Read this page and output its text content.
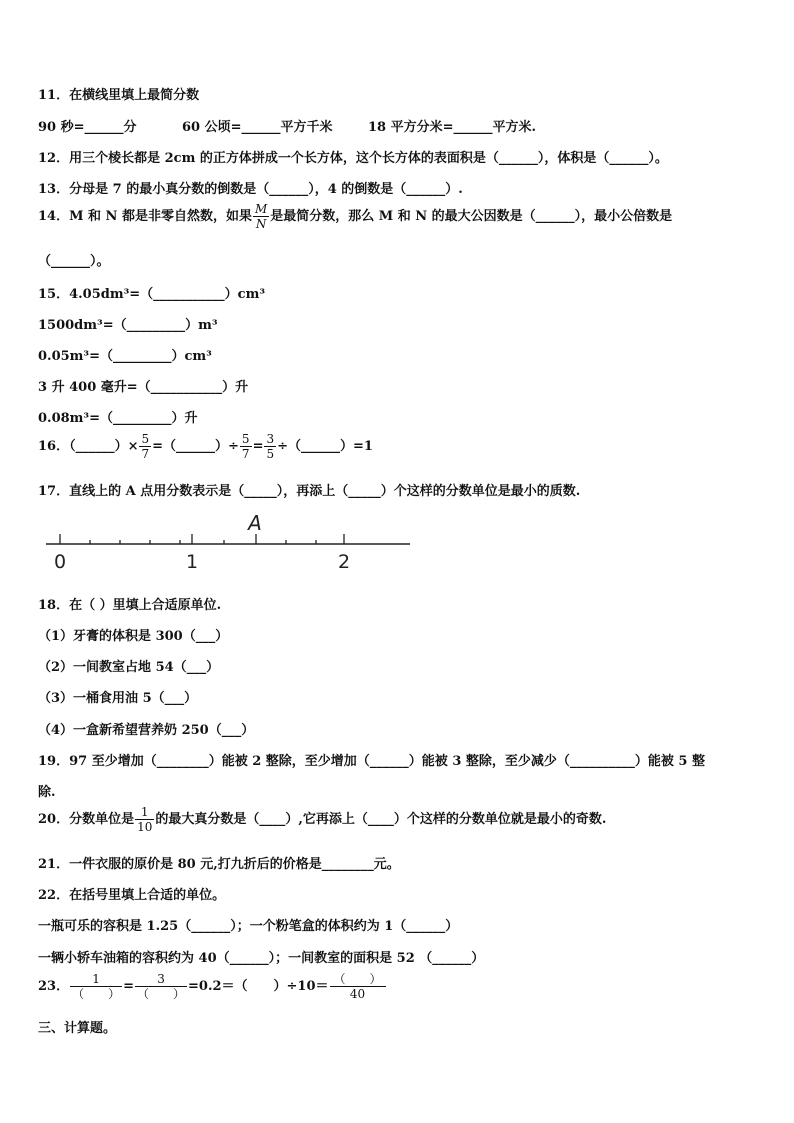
11．在横线里填上最简分数
90 秒=______分	60 公顷=______平方千米	18 平方分米=______平方米.
12．用三个棱长都是 2cm 的正方体拼成一个长方体，这个长方体的表面积是（______），体积是（______）。
13．分母是 7 的最小真分数的倒数是（______），4 的倒数是（______）.
14．M 和 N 都是非零自然数，如果 $\frac{M}{N}$ 是最简分数，那么 M 和 N 的最大公因数是（______），最小公倍数是
（______）。
15．4.05dm³=（___________）cm³
1500dm³=（_________）m³
0.05m³=（_________）cm³
3 升 400 毫升=（___________）升
0.08m³=（_________）升
16．（______）× $\frac{5}{7}$ =（______）÷ $\frac{5}{7} = \frac{3}{5}$ ÷（______）=1
17．直线上的 A 点用分数表示是（_____），再添上（_____）个这样的分数单位是最小的质数.
A
0	1	2
18．在（ ）里填上合适原单位.
（1）牙膏的体积是 300（___）
（2）一间教室占地 54（___）
（3）一桶食用油 5（___）
（4）一盒新希望营养奶 250（___）
19．97 至少增加（________）能被 2 整除，至少增加（______）能被 3 整除，至少减少（__________）能被 5 整
除.
20．分数单位是 $\frac{1}{10}$ 的最大真分数是（____）,它再添上（____）个这样的分数单位就是最小的奇数.
21．一件衣服的原价是 80 元,打九折后的价格是________元。
22．在括号里填上合适的单位。
一瓶可乐的容积是 1.25（______）；一个粉笔盒的体积约为 1（______）
一辆小轿车油箱的容积约为 40（______）；一间教室的面积是 52 （______）
23． $\frac{1}{( )} = \frac{3}{( )} =0.2=$（　　）$\div 10= \frac{( )}{40}$
三、计算题。
